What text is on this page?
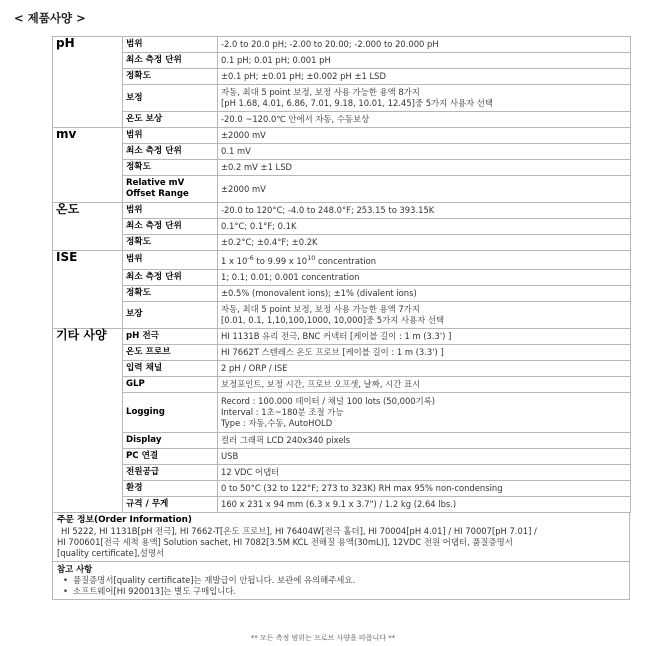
< 제품사양 >
pH	범위	-2.0 to 20.0 pH; -2.00 to 20.00; -2.000 to 20.000 pH
	최소 측정 단위	0.1 pH; 0.01 pH; 0.001 pH
	정확도	±0.1 pH; ±0.01 pH; ±0.002 pH ±1 LSD
	보정	자동, 최대 5 point 보정, 보정 사용 가능한 용액 8가지
[pH 1.68, 4.01, 6.86, 7.01, 9.18, 10.01, 12.45]중 5가지 사용자 선택

	온도 보상	-20.0 ~120.0℃ 안에서 자동, 수동보상
mv	범위	±2000 mV
	최소 측정 단위	0.1 mV
	정확도	±0.2 mV ±1 LSD

	Relative mV
Offset Range	±2000 mV
온도	범위	-20.0 to 120°C; -4.0 to 248.0°F; 253.15 to 393.15K
	최소 측정 단위	0.1°C; 0.1°F; 0.1K
	정확도	±0.2°C; ±0.4°F; ±0.2K
ISE	범위	1 x $10^{-6}$ to 9.99 x $10^{10}$ concentration
	최소 측정 단위	1; 0.1; 0.01; 0.001 concentration
	정확도	±0.5% (monovalent ions); ±1% (divalent ions)
	보장	자동, 최대 5 point 보정, 보정 사용 가능한 용액 7가지
[0.01, 0.1, 1,10,100,1000, 10,000]중 5가지 사용자 선택

기타 사양	pH 전극	HI 1131B 유리 전극, BNC 커넥터 [케이블 길이 : 1 m (3.3') ]
	온도 프로브	HI 7662T 스텐레스 온도 프로브 [케이블 길이 : 1 m (3.3') ]
	입력 채널	2 pH / ORP / ISE
	GLP	보정포인트, 보정 시간, 프로브 오프셋, 날짜, 시간 표시
	Logging	Record : 100.000 데이터 / 채널 100 lots (50,000기록)
Interval : 1초~180분 조절 가능
Type : 자동,수동, AutoHOLD

	Display	컬러 그래픽 LCD 240x340 pixels
	PC 연결	USB
	전원공급	12 VDC 어댑터
	환경	0 to 50°C (32 to 122°F; 273 to 323K) RH max 95% non-condensing
	규격 / 무게	160 x 231 x 94 mm (6.3 x 9.1 x 3.7") / 1.2 kg (2.64 lbs.)
주문 정보(Order Information)
HI 5222, HI 1131B[pH 전극], HI 7662-T[온도 프로브], HI 76404W[전극 홀더], HI 70004[pH 4.01] / HI 70007[pH 7.01] /
HI 700601[전극 세척 용액] Solution sachet, HI 7082[3.5M KCL 전해질 용액(30mL)], 12VDC 전원 어댑터, 품질증명서
[quality certificate],설명서
참고 사항
• 품질증명서[quality certificate]는 재발급이 안됩니다. 보관에 유의해주세요.
• 소프트웨어[HI 920013]는 별도 구매입니다.
** 모든 측정 범위는 프로브 사양을 따릅니다 **
